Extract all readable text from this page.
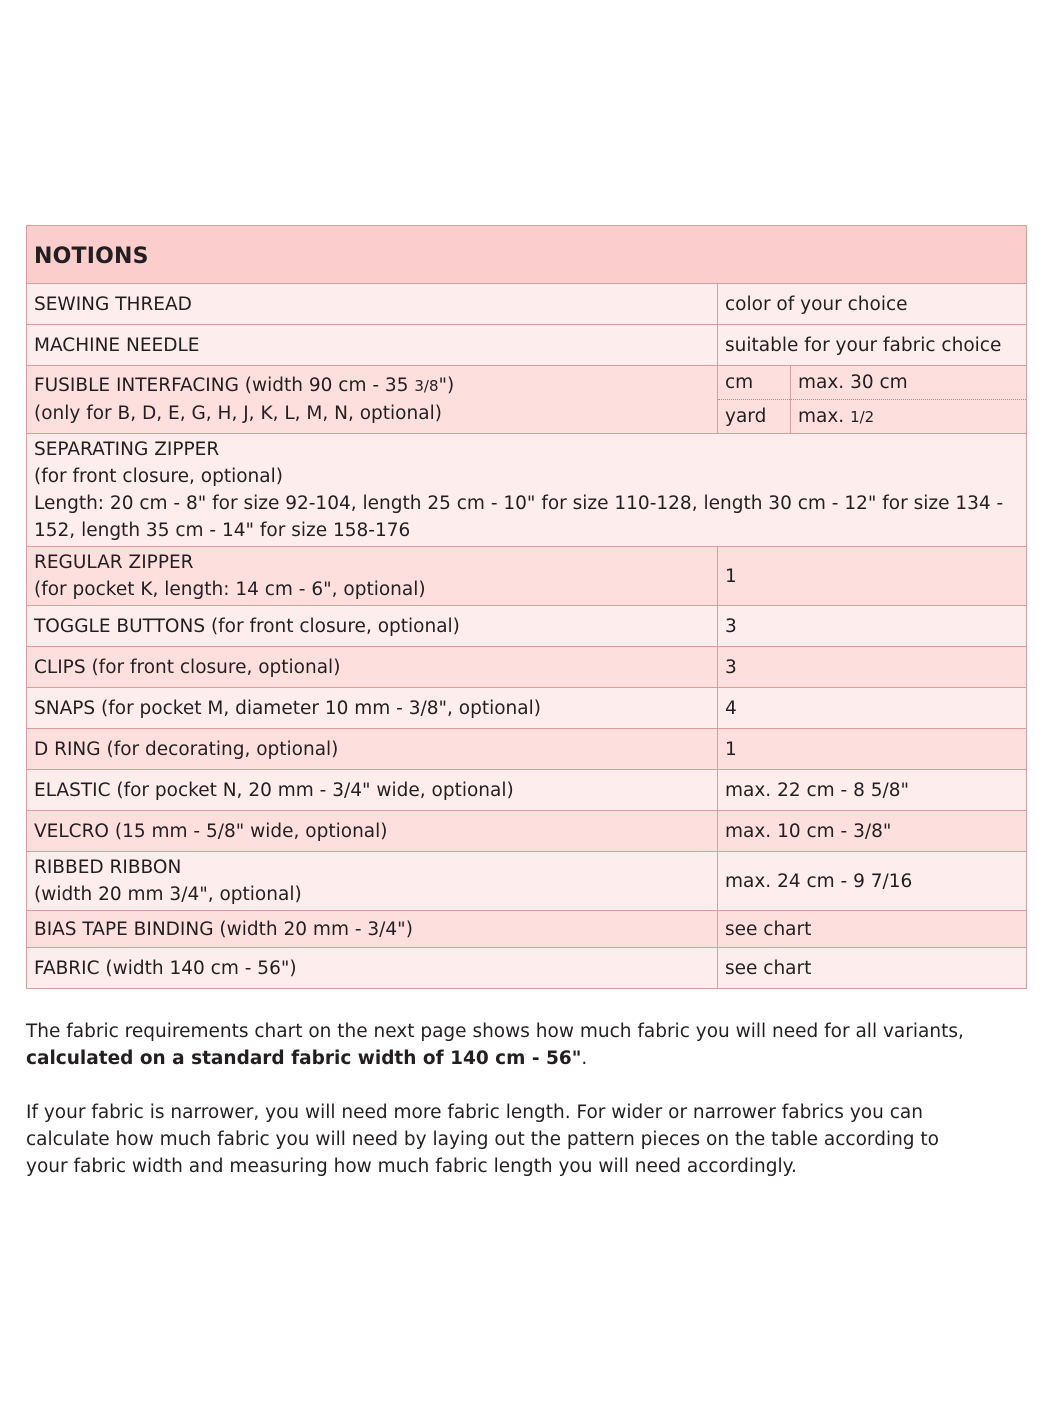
NOTIONS
SEWING THREAD	color of your choice
MACHINE NEEDLE	suitable for your fabric choice

FUSIBLE INTERFACING (width 90 cm - 35 3/8")
(only for B, D, E, G, H, J, K, L, M, N, optional)

cm	max. 30 cm
yard	max. 1/2

SEPARATING ZIPPER
(for front closure, optional)
Length: 20 cm - 8" for size 92-104, length 25 cm - 10" for size 110-128, length 30 cm - 12" for size 134 - 152, length 35 cm - 14" for size 158-176

REGULAR ZIPPER
(for pocket K, length: 14 cm - 6", optional)
	1
TOGGLE BUTTONS (for front closure, optional)	3
CLIPS (for front closure, optional)	3
SNAPS (for pocket M, diameter 10 mm - 3/8", optional)	4
D RING (for decorating, optional)	1
ELASTIC (for pocket N, 20 mm - 3/4" wide, optional)	max. 22 cm - 8 5/8"
VELCRO (15 mm - 5/8" wide, optional)	max. 10 cm - 3/8"

RIBBED RIBBON
(width 20 mm 3/4", optional)
	max. 24 cm - 9 7/16
BIAS TAPE BINDING (width 20 mm - 3/4")	see chart
FABRIC (width 140 cm - 56")	see chart

The fabric requirements chart on the next page shows how much fabric you will need for all variants, calculated on a standard fabric width of 140 cm - 56".

If your fabric is narrower, you will need more fabric length. For wider or narrower fabrics you can calculate how much fabric you will need by laying out the pattern pieces on the table according to your fabric width and measuring how much fabric length you will need accordingly.
